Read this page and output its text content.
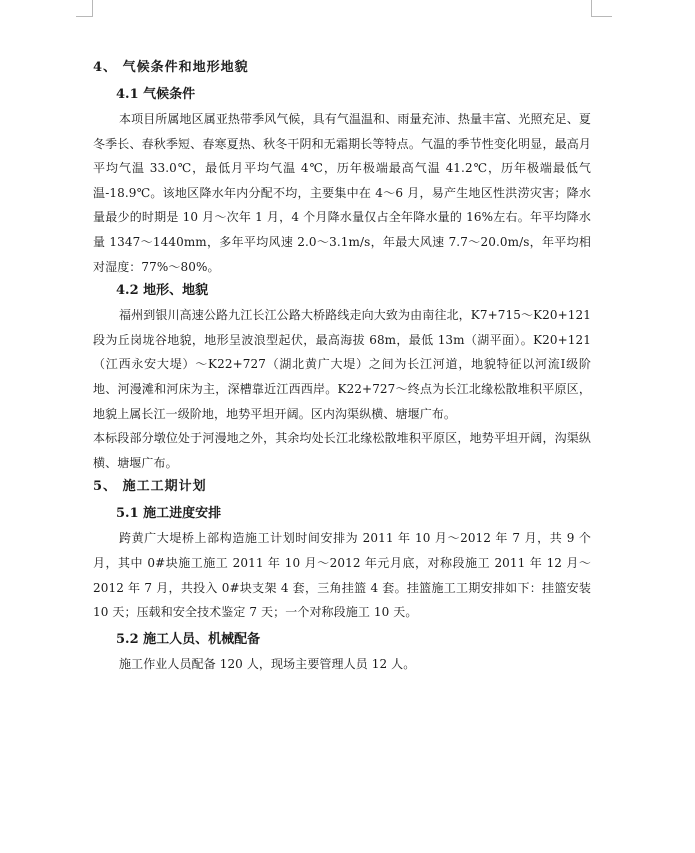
4、 气候条件和地形地貌

4.1 气候条件

本项目所属地区属亚热带季风气候，具有气温温和、雨量充沛、热量丰富、光照充足、夏冬季长、春秋季短、春寒夏热、秋冬干阴和无霜期长等特点。气温的季节性变化明显，最高月平均气温 33.0℃，最低月平均气温 4℃，历年极端最高气温 41.2℃，历年极端最低气温-18.9℃。该地区降水年内分配不均，主要集中在 4～6 月，易产生地区性洪涝灾害；降水量最少的时期是 10 月～次年 1 月，4 个月降水量仅占全年降水量的 16%左右。年平均降水量 1347～1440mm，多年平均风速 2.0～3.1m/s，年最大风速 7.7～20.0m/s，年平均相对湿度：77%～80%。

4.2 地形、地貌

福州到银川高速公路九江长江公路大桥路线走向大致为由南往北，K7+715～K20+121 段为丘岗垅谷地貌，地形呈波浪型起伏，最高海拔 68m，最低 13m（湖平面）。K20+121（江西永安大堤）～K22+727（湖北黄广大堤）之间为长江河道，地貌特征以河流Ⅰ级阶地、河漫滩和河床为主，深槽靠近江西西岸。K22+727～终点为长江北缘松散堆积平原区，地貌上属长江一级阶地，地势平坦开阔。区内沟渠纵横、塘堰广布。

本标段部分墩位处于河漫地之外，其余均处长江北缘松散堆积平原区，地势平坦开阔，沟渠纵横、塘堰广布。

5、 施工工期计划

5.1 施工进度安排

跨黄广大堤桥上部构造施工计划时间安排为 2011 年 10 月～2012 年 7 月，共 9 个月，其中 0#块施工施工 2011 年 10 月～2012 年元月底，对称段施工 2011 年 12 月～2012 年 7 月，共投入 0#块支架 4 套，三角挂篮 4 套。挂篮施工工期安排如下：挂篮安装 10 天；压载和安全技术鉴定 7 天；一个对称段施工 10 天。

5.2 施工人员、机械配备

施工作业人员配备 120 人，现场主要管理人员 12 人。
